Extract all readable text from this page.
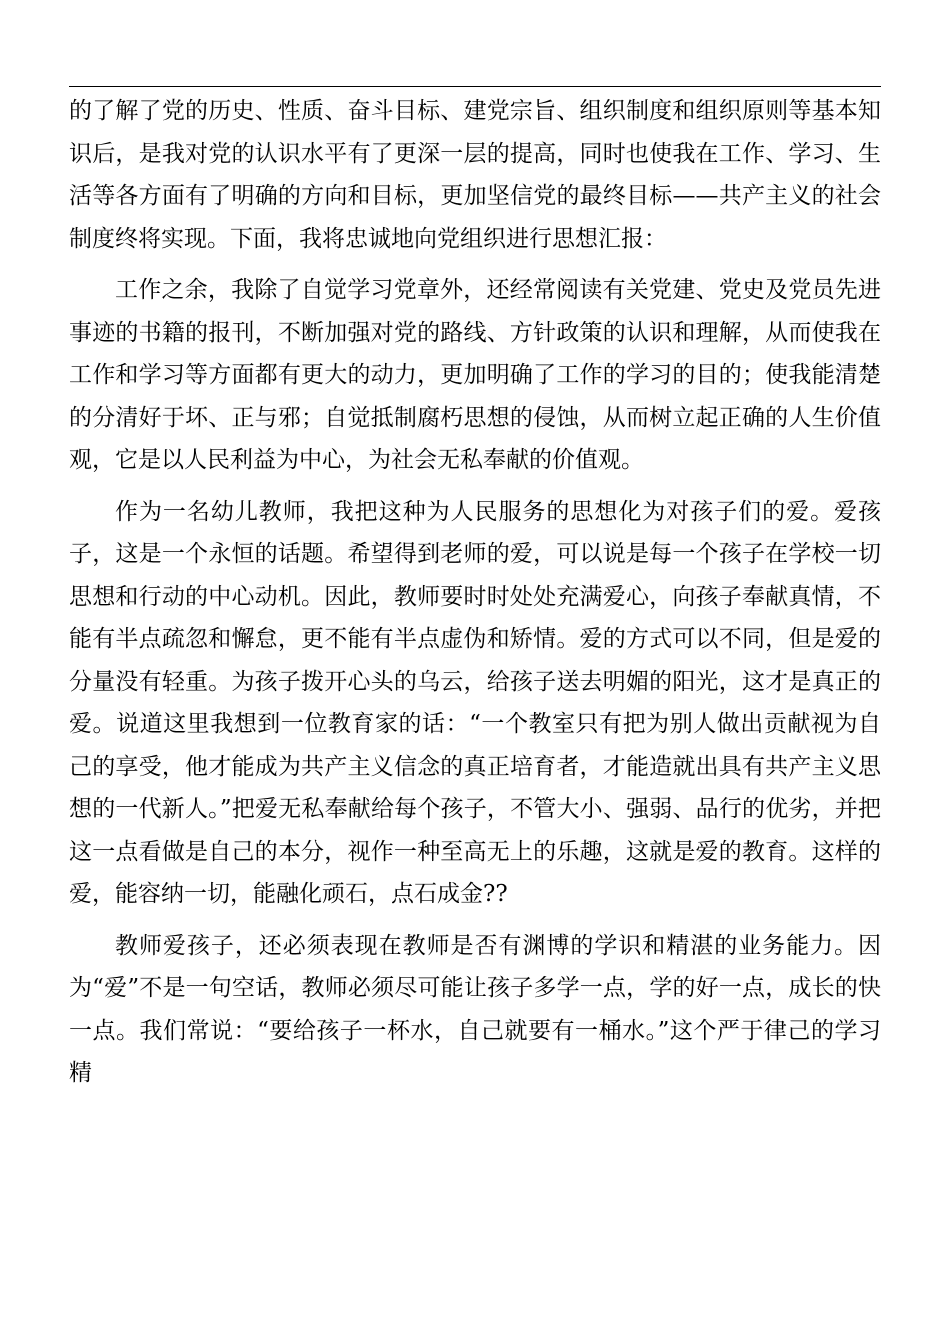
的了解了党的历史、性质、奋斗目标、建党宗旨、组织制度和组织原则等基本知识后，是我对党的认识水平有了更深一层的提高，同时也使我在工作、学习、生活等各方面有了明确的方向和目标，更加坚信党的最终目标——共产主义的社会制度终将实现。下面，我将忠诚地向党组织进行思想汇报：

工作之余，我除了自觉学习党章外，还经常阅读有关党建、党史及党员先进事迹的书籍的报刊，不断加强对党的路线、方针政策的认识和理解，从而使我在工作和学习等方面都有更大的动力，更加明确了工作的学习的目的；使我能清楚的分清好于坏、正与邪；自觉抵制腐朽思想的侵蚀，从而树立起正确的人生价值观，它是以人民利益为中心，为社会无私奉献的价值观。

作为一名幼儿教师，我把这种为人民服务的思想化为对孩子们的爱。爱孩子，这是一个永恒的话题。希望得到老师的爱，可以说是每一个孩子在学校一切思想和行动的中心动机。因此，教师要时时处处充满爱心，向孩子奉献真情，不能有半点疏忽和懈怠，更不能有半点虚伪和矫情。爱的方式可以不同，但是爱的分量没有轻重。为孩子拨开心头的乌云，给孩子送去明媚的阳光，这才是真正的爱。说道这里我想到一位教育家的话：“一个教室只有把为别人做出贡献视为自己的享受，他才能成为共产主义信念的真正培育者，才能造就出具有共产主义思想的一代新人。”把爱无私奉献给每个孩子，不管大小、强弱、品行的优劣，并把这一点看做是自己的本分，视作一种至高无上的乐趣，这就是爱的教育。这样的爱，能容纳一切，能融化顽石，点石成金??

教师爱孩子，还必须表现在教师是否有渊博的学识和精湛的业务能力。因为“爱”不是一句空话，教师必须尽可能让孩子多学一点，学的好一点，成长的快一点。我们常说：“要给孩子一杯水，自己就要有一桶水。”这个严于律己的学习精
